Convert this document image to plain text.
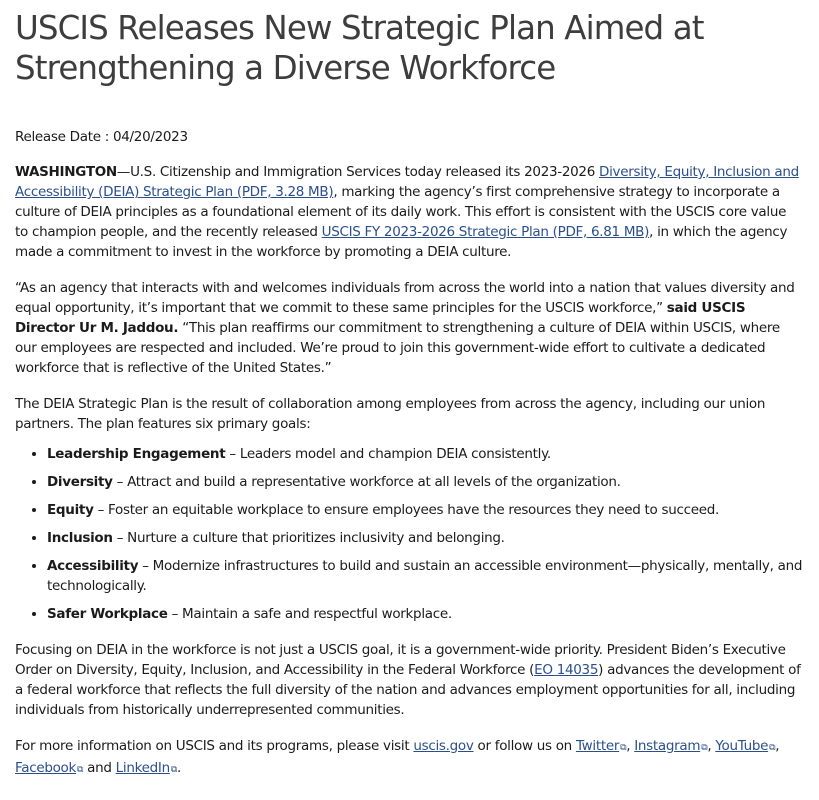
USCIS Releases New Strategic Plan Aimed at Strengthening a Diverse Workforce
Release Date : 04/20/2023

WASHINGTON—U.S. Citizenship and Immigration Services today released its 2023-2026 Diversity, Equity, Inclusion and Accessibility (DEIA) Strategic Plan (PDF, 3.28 MB), marking the agency’s first comprehensive strategy to incorporate a culture of DEIA principles as a foundational element of its daily work. This effort is consistent with the USCIS core value to champion people, and the recently released USCIS FY 2023-2026 Strategic Plan (PDF, 6.81 MB), in which the agency made a commitment to invest in the workforce by promoting a DEIA culture.

“As an agency that interacts with and welcomes individuals from across the world into a nation that values diversity and equal opportunity, it’s important that we commit to these same principles for the USCIS workforce,” said USCIS Director Ur M. Jaddou. “This plan reaffirms our commitment to strengthening a culture of DEIA within USCIS, where our employees are respected and included. We’re proud to join this government-wide effort to cultivate a dedicated workforce that is reflective of the United States.”

The DEIA Strategic Plan is the result of collaboration among employees from across the agency, including our union partners. The plan features six primary goals:

• Leadership Engagement – Leaders model and champion DEIA consistently.
• Diversity – Attract and build a representative workforce at all levels of the organization.
• Equity – Foster an equitable workplace to ensure employees have the resources they need to succeed.
• Inclusion – Nurture a culture that prioritizes inclusivity and belonging.
• Accessibility – Modernize infrastructures to build and sustain an accessible environment—physically, mentally, and technologically.
• Safer Workplace – Maintain a safe and respectful workplace.

Focusing on DEIA in the workforce is not just a USCIS goal, it is a government-wide priority. President Biden’s Executive Order on Diversity, Equity, Inclusion, and Accessibility in the Federal Workforce (EO 14035) advances the development of a federal workforce that reflects the full diversity of the nation and advances employment opportunities for all, including individuals from historically underrepresented communities.

For more information on USCIS and its programs, please visit uscis.gov or follow us on Twitter⧉, Instagram⧉, YouTube⧉, Facebook⧉ and LinkedIn⧉.
